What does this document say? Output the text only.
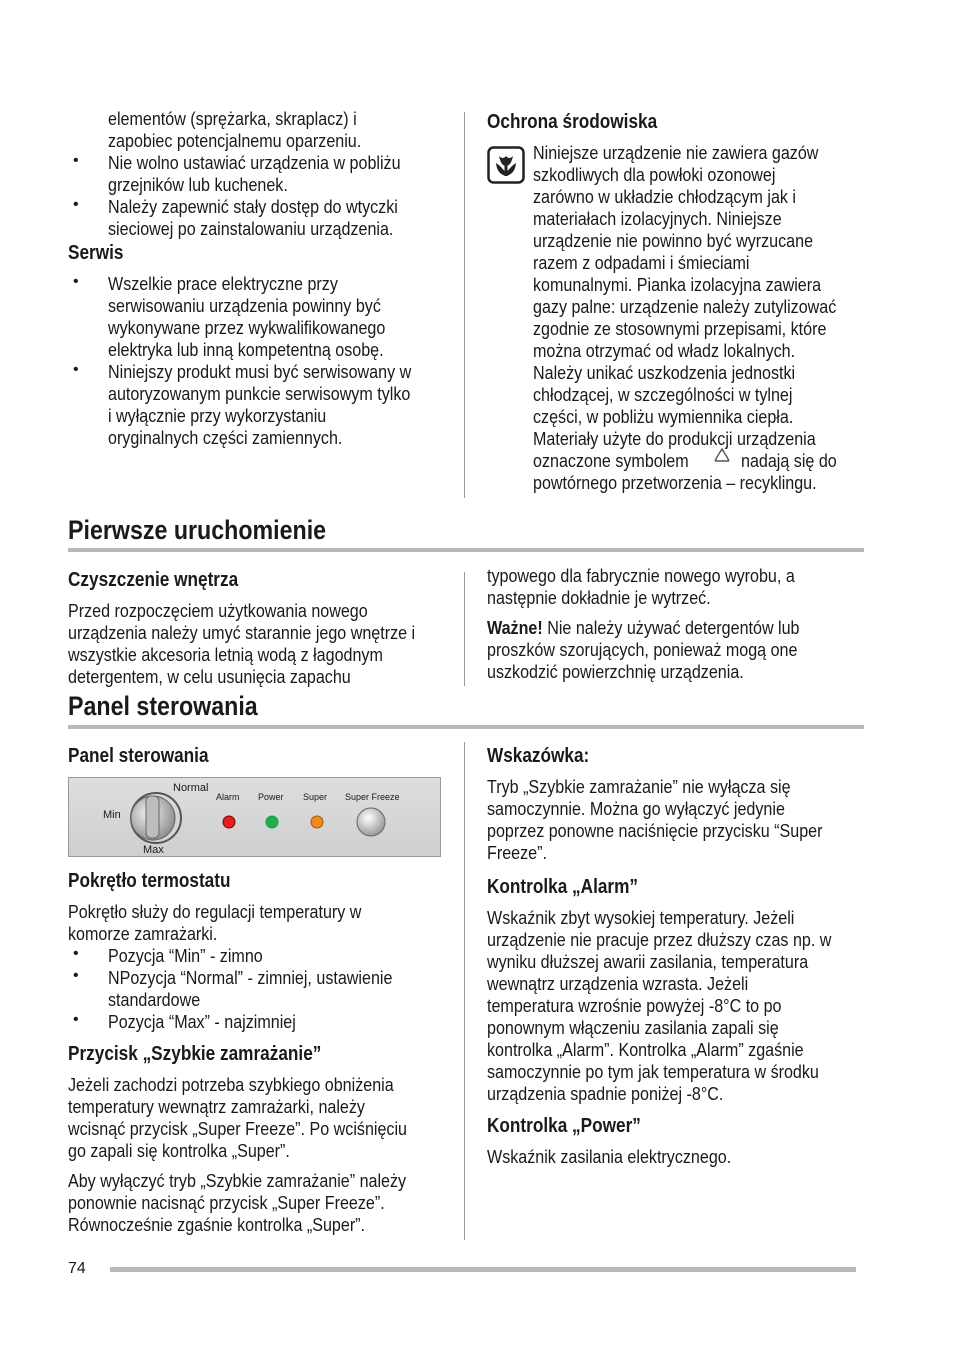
elementów (sprężarka, skraplacz) i
zapobiec potencjalnemu oparzeniu.
• Nie wolno ustawiać urządzenia w pobliżu
grzejników lub kuchenek.
• Należy zapewnić stały dostęp do wtyczki
sieciowej po zainstalowaniu urządzenia.
Serwis
• Wszelkie prace elektryczne przy
serwisowaniu urządzenia powinny być
wykonywane przez wykwalifikowanego
elektryka lub inną kompetentną osobę.
• Niniejszy produkt musi być serwisowany w
autoryzowanym punkcie serwisowym tylko
i wyłącznie przy wykorzystaniu
oryginalnych części zamiennych.
Ochrona środowiska
Niniejsze urządzenie nie zawiera gazów
szkodliwych dla powłoki ozonowej
zarówno w układzie chłodzącym jak i
materiałach izolacyjnych. Niniejsze
urządzenie nie powinno być wyrzucane
razem z odpadami i śmieciami
komunalnymi. Pianka izolacyjna zawiera
gazy palne: urządzenie należy zutylizować
zgodnie ze stosownymi przepisami, które
można otrzymać od władz lokalnych.
Należy unikać uszkodzenia jednostki
chłodzącej, w szczególności w tylnej
części, w pobliżu wymiennika ciepła.
Materiały użyte do produkcji urządzenia
oznaczone symbolem	nadają się do
powtórnego przetworzenia – recyklingu.
Pierwsze uruchomienie
Czyszczenie wnętrza
Przed rozpoczęciem użytkowania nowego
urządzenia należy umyć starannie jego wnętrze i
wszystkie akcesoria letnią wodą z łagodnym
detergentem, w celu usunięcia zapachu
typowego dla fabrycznie nowego wyrobu, a
następnie dokładnie je wytrzeć.
Ważne! Nie należy używać detergentów lub
proszków szorujących, ponieważ mogą one
uszkodzić powierzchnię urządzenia.
Panel sterowania
Panel sterowania
Normal
Min
Max
Alarm Power Super Super Freeze
Pokrętło termostatu
Pokrętło służy do regulacji temperatury w
komorze zamrażarki.
• Pozycja “Min” - zimno
• NPozycja “Normal” - zimniej, ustawienie
standardowe
• Pozycja “Max” - najzimniej
Przycisk „Szybkie zamrażanie”
Jeżeli zachodzi potrzeba szybkiego obniżenia
temperatury wewnątrz zamrażarki, należy
wcisnąć przycisk „Super Freeze”. Po wciśnięciu
go zapali się kontrolka „Super”.
Aby wyłączyć tryb „Szybkie zamrażanie” należy
ponownie nacisnąć przycisk „Super Freeze”.
Równocześnie zgaśnie kontrolka „Super”.
Wskazówka:
Tryb „Szybkie zamrażanie” nie wyłącza się
samoczynnie. Można go wyłączyć jedynie
poprzez ponowne naciśnięcie przycisku “Super
Freeze”.
Kontrolka „Alarm”
Wskaźnik zbyt wysokiej temperatury. Jeżeli
urządzenie nie pracuje przez dłuższy czas np. w
wyniku dłuższej awarii zasilania, temperatura
wewnątrz urządzenia wzrasta. Jeżeli
temperatura wzrośnie powyżej -8°C to po
ponownym włączeniu zasilania zapali się
kontrolka „Alarm”. Kontrolka „Alarm” zgaśnie
samoczynnie po tym jak temperatura w środku
urządzenia spadnie poniżej -8°C.
Kontrolka „Power”
Wskaźnik zasilania elektrycznego.
74
